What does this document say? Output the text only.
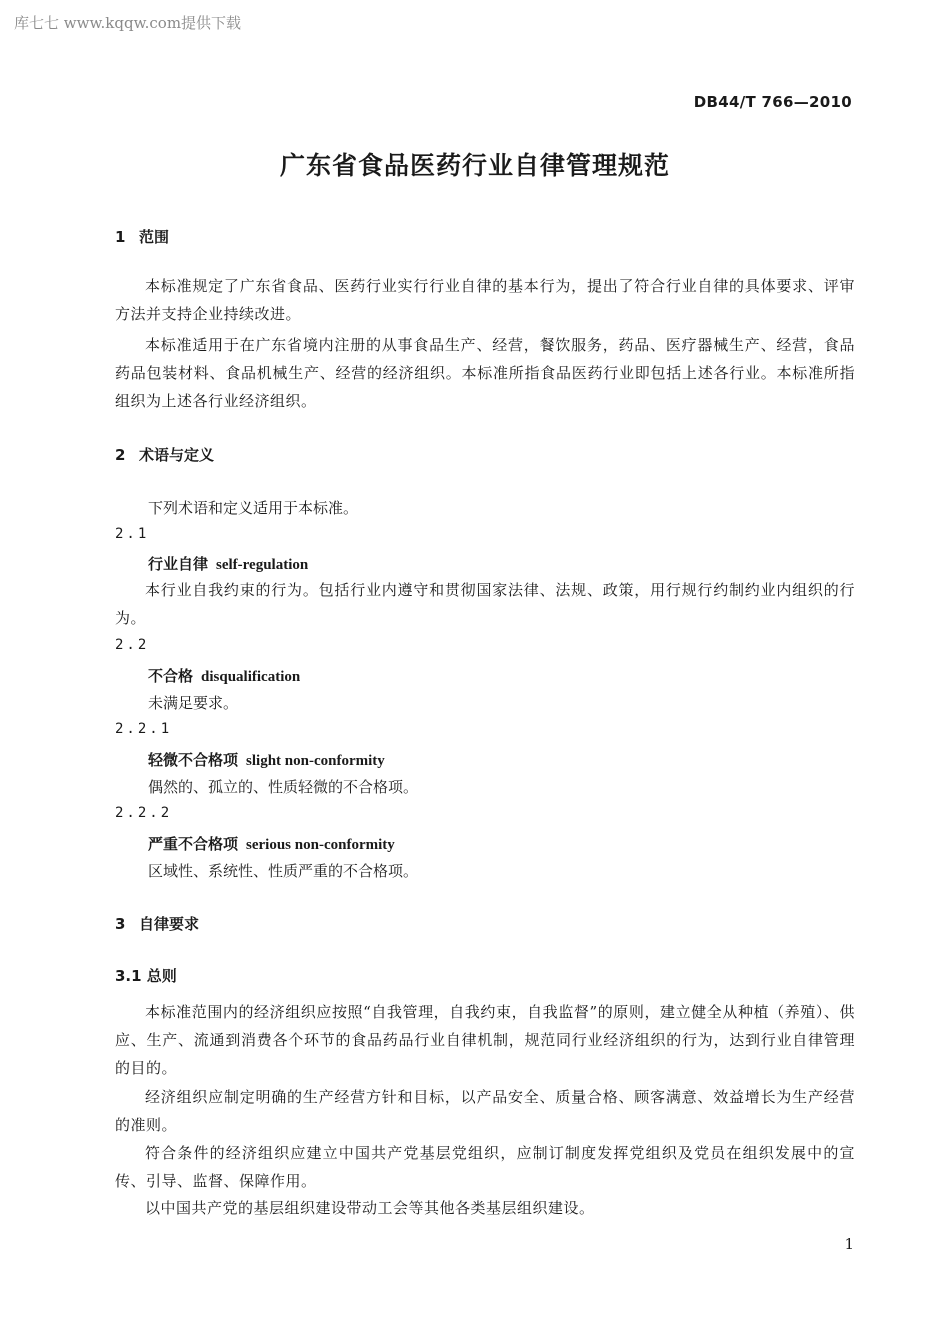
库七七 www.kqqw.com提供下载
DB44/T 766—2010
广东省食品医药行业自律管理规范
1 范围
本标准规定了广东省食品、医药行业实行行业自律的基本行为，提出了符合行业自律的具体要求、评审方法并支持企业持续改进。
本标准适用于在广东省境内注册的从事食品生产、经营，餐饮服务，药品、医疗器械生产、经营，食品药品包装材料、食品机械生产、经营的经济组织。本标准所指食品医药行业即包括上述各行业。本标准所指组织为上述各行业经济组织。
2 术语与定义
下列术语和定义适用于本标准。
2.1
行业自律 self-regulation
本行业自我约束的行为。包括行业内遵守和贯彻国家法律、法规、政策，用行规行约制约业内组织的行为。
2.2
不合格 disqualification
未满足要求。
2.2.1
轻微不合格项 slight non-conformity
偶然的、孤立的、性质轻微的不合格项。
2.2.2
严重不合格项 serious non-conformity
区域性、系统性、性质严重的不合格项。
3 自律要求
3.1 总则
本标准范围内的经济组织应按照“自我管理，自我约束，自我监督”的原则，建立健全从种植（养殖）、供应、生产、流通到消费各个环节的食品药品行业自律机制，规范同行业经济组织的行为，达到行业自律管理的目的。
经济组织应制定明确的生产经营方针和目标，以产品安全、质量合格、顾客满意、效益增长为生产经营的准则。
符合条件的经济组织应建立中国共产党基层党组织，应制订制度发挥党组织及党员在组织发展中的宣传、引导、监督、保障作用。
以中国共产党的基层组织建设带动工会等其他各类基层组织建设。
1
